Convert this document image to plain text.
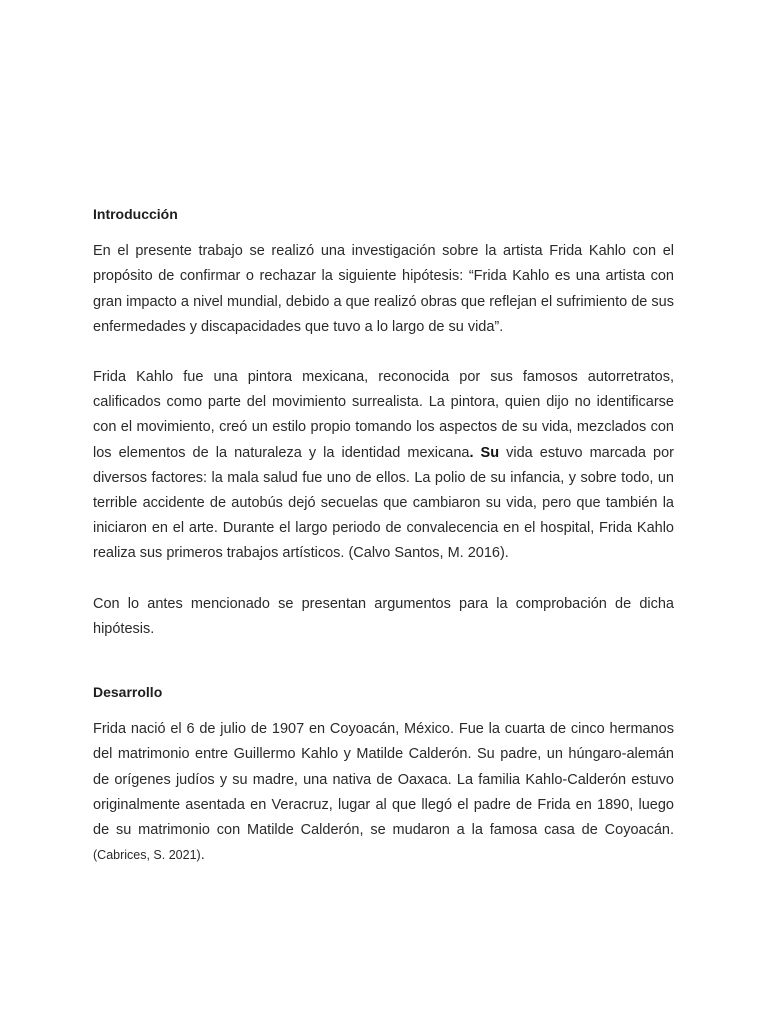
Introducción

En el presente trabajo se realizó una investigación sobre la artista Frida Kahlo con el propósito de confirmar o rechazar la siguiente hipótesis: “Frida Kahlo es una artista con gran impacto a nivel mundial, debido a que realizó obras que reflejan el sufrimiento de sus enfermedades y discapacidades que tuvo a lo largo de su vida”.

Frida Kahlo fue una pintora mexicana, reconocida por sus famosos autorretratos, calificados como parte del movimiento surrealista. La pintora, quien dijo no identificarse con el movimiento, creó un estilo propio tomando los aspectos de su vida, mezclados con los elementos de la naturaleza y la identidad mexicana. Su vida estuvo marcada por diversos factores: la mala salud fue uno de ellos. La polio de su infancia, y sobre todo, un terrible accidente de autobús dejó secuelas que cambiaron su vida, pero que también la iniciaron en el arte. Durante el largo periodo de convalecencia en el hospital, Frida Kahlo realiza sus primeros trabajos artísticos. (Calvo Santos, M. 2016).

Con lo antes mencionado se presentan argumentos para la comprobación de dicha hipótesis.

Desarrollo

Frida nació el 6 de julio de 1907 en Coyoacán, México. Fue la cuarta de cinco hermanos del matrimonio entre Guillermo Kahlo y Matilde Calderón. Su padre, un húngaro-alemán de orígenes judíos y su madre, una nativa de Oaxaca. La familia Kahlo-Calderón estuvo originalmente asentada en Veracruz, lugar al que llegó el padre de Frida en 1890, luego de su matrimonio con Matilde Calderón, se mudaron a la famosa casa de Coyoacán. (Cabrices, S. 2021).
